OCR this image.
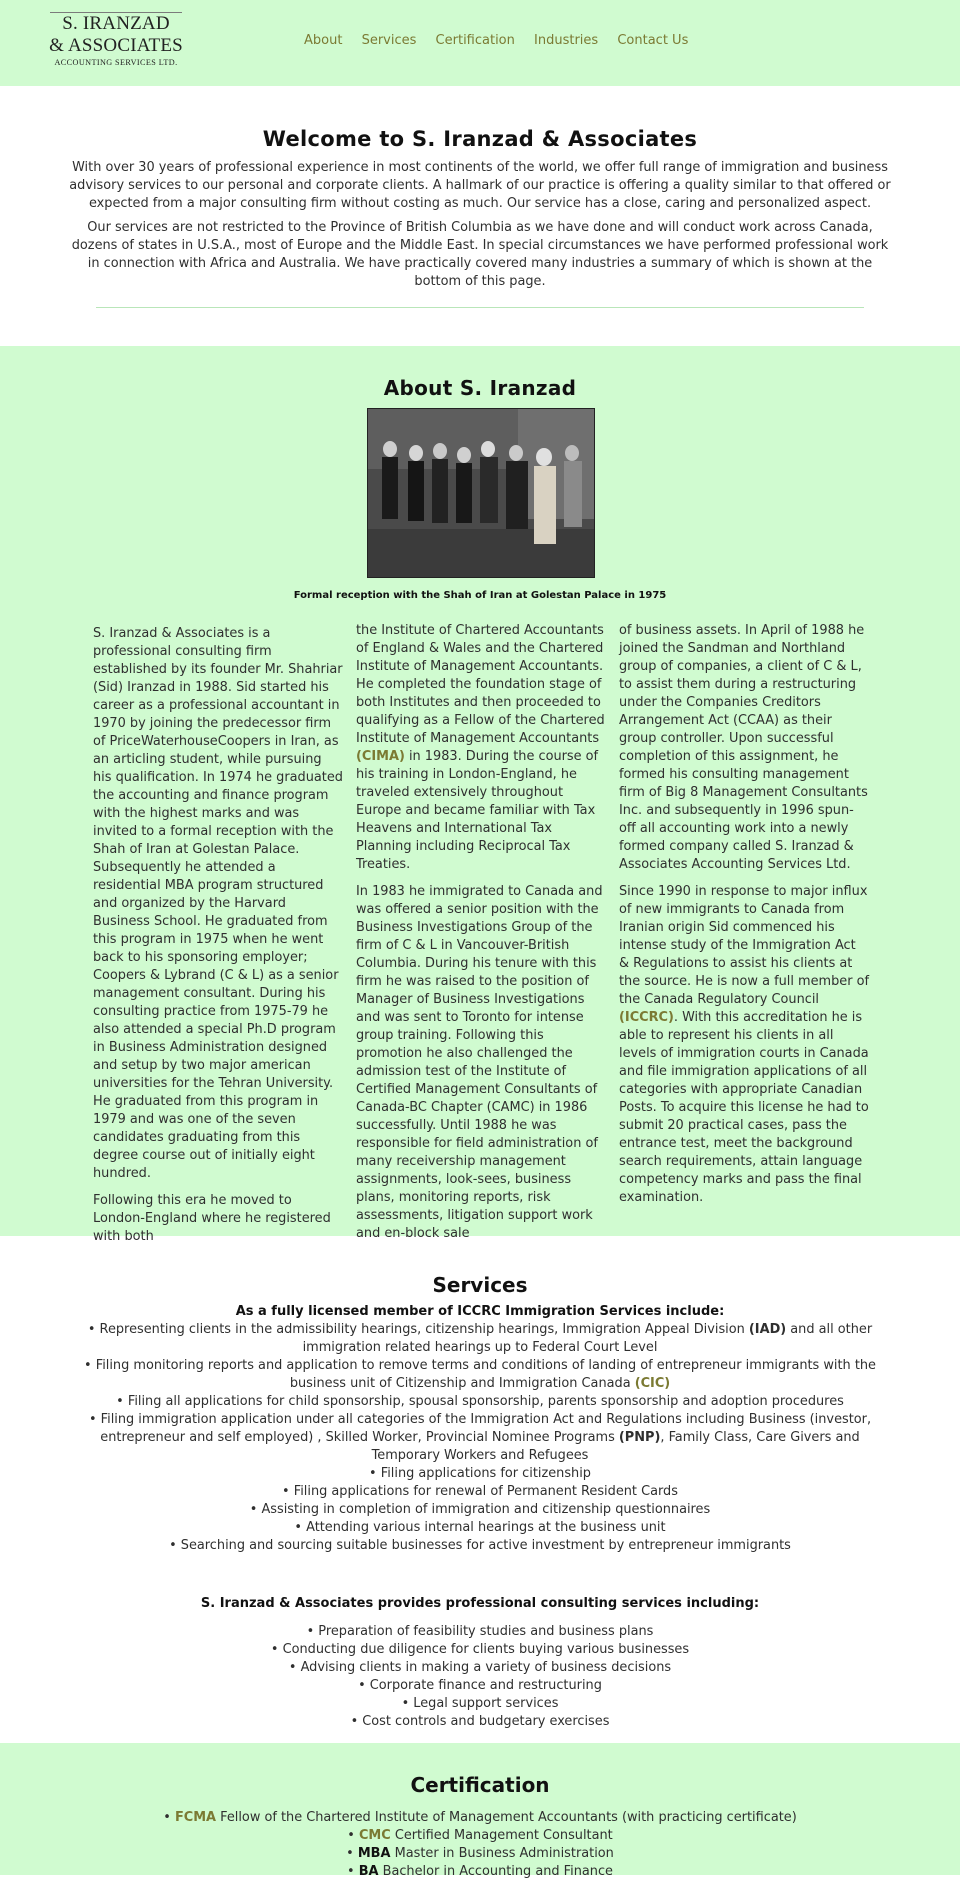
S. IRANZAD
& ASSOCIATES
ACCOUNTING SERVICES LTD.
About Services Certification Industries Contact Us
Welcome to S. Iranzad & Associates

With over 30 years of professional experience in most continents of the world, we offer full range of immigration and business advisory services to our personal and corporate clients. A hallmark of our practice is offering a quality similar to that offered or expected from a major consulting firm without costing as much. Our service has a close, caring and personalized aspect.

Our services are not restricted to the Province of British Columbia as we have done and will conduct work across Canada, dozens of states in U.S.A., most of Europe and the Middle East. In special circumstances we have performed professional work in connection with Africa and Australia. We have practically covered many industries a summary of which is shown at the bottom of this page.

About S. Iranzad
Formal reception with the Shah of Iran at Golestan Palace in 1975

S. Iranzad & Associates is a professional consulting firm established by its founder Mr. Shahriar (Sid) Iranzad in 1988. Sid started his career as a professional accountant in 1970 by joining the predecessor firm of PriceWaterhouseCoopers in Iran, as an articling student, while pursuing his qualification. In 1974 he graduated the accounting and finance program with the highest marks and was invited to a formal reception with the Shah of Iran at Golestan Palace. Subsequently he attended a residential MBA program structured and organized by the Harvard Business School. He graduated from this program in 1975 when he went back to his sponsoring employer; Coopers & Lybrand (C & L) as a senior management consultant. During his consulting practice from 1975-79 he also attended a special Ph.D program in Business Administration designed and setup by two major american universities for the Tehran University. He graduated from this program in 1979 and was one of the seven candidates graduating from this degree course out of initially eight hundred.

Following this era he moved to London-England where he registered with both

the Institute of Chartered Accountants of England & Wales and the Chartered Institute of Management Accountants. He completed the foundation stage of both Institutes and then proceeded to qualifying as a Fellow of the Chartered Institute of Management Accountants (CIMA) in 1983. During the course of his training in London-England, he traveled extensively throughout Europe and became familiar with Tax Heavens and International Tax Planning including Reciprocal Tax Treaties.

In 1983 he immigrated to Canada and was offered a senior position with the Business Investigations Group of the firm of C & L in Vancouver-British Columbia. During his tenure with this firm he was raised to the position of Manager of Business Investigations and was sent to Toronto for intense group training. Following this promotion he also challenged the admission test of the Institute of Certified Management Consultants of Canada-BC Chapter (CAMC) in 1986 successfully. Until 1988 he was responsible for field administration of many receivership management assignments, look-sees, business plans, monitoring reports, risk assessments, litigation support work and en-block sale

of business assets. In April of 1988 he joined the Sandman and Northland group of companies, a client of C & L, to assist them during a restructuring under the Companies Creditors Arrangement Act (CCAA) as their group controller. Upon successful completion of this assignment, he formed his consulting management firm of Big 8 Management Consultants Inc. and subsequently in 1996 spun-off all accounting work into a newly formed company called S. Iranzad & Associates Accounting Services Ltd.

Since 1990 in response to major influx of new immigrants to Canada from Iranian origin Sid commenced his intense study of the Immigration Act & Regulations to assist his clients at the source. He is now a full member of the Canada Regulatory Council (ICCRC). With this accreditation he is able to represent his clients in all levels of immigration courts in Canada and file immigration applications of all categories with appropriate Canadian Posts. To acquire this license he had to submit 20 practical cases, pass the entrance test, meet the background search requirements, attain language competency marks and pass the final examination.

Services
As a fully licensed member of ICCRC Immigration Services include:
• Representing clients in the admissibility hearings, citizenship hearings, Immigration Appeal Division (IAD) and all other immigration related hearings up to Federal Court Level
• Filing monitoring reports and application to remove terms and conditions of landing of entrepreneur immigrants with the business unit of Citizenship and Immigration Canada (CIC)
• Filing all applications for child sponsorship, spousal sponsorship, parents sponsorship and adoption procedures
• Filing immigration application under all categories of the Immigration Act and Regulations including Business (investor, entrepreneur and self employed) , Skilled Worker, Provincial Nominee Programs (PNP), Family Class, Care Givers and Temporary Workers and Refugees
• Filing applications for citizenship
• Filing applications for renewal of Permanent Resident Cards
• Assisting in completion of immigration and citizenship questionnaires
• Attending various internal hearings at the business unit
• Searching and sourcing suitable businesses for active investment by entrepreneur immigrants
S. Iranzad & Associates provides professional consulting services including:
• Preparation of feasibility studies and business plans
• Conducting due diligence for clients buying various businesses
• Advising clients in making a variety of business decisions
• Corporate finance and restructuring
• Legal support services
• Cost controls and budgetary exercises
Certification
• FCMA Fellow of the Chartered Institute of Management Accountants (with practicing certificate)
• CMC Certified Management Consultant
• MBA Master in Business Administration
• BA Bachelor in Accounting and Finance
